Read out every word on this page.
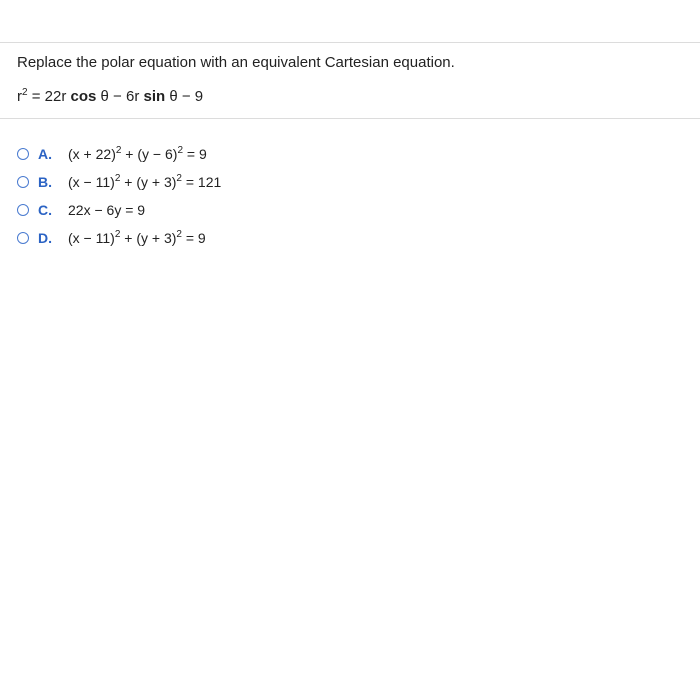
Replace the polar equation with an equivalent Cartesian equation.
$r^2 = 22r$ cos θ − 6r sin θ − 9
A.	$(x + 22)^2 + (y - 6)^2 = 9$
B.	$(x - 11)^2 + (y + 3)^2 = 121$
C.	22x − 6y = 9
D.	$(x - 11)^2 + (y + 3)^2 = 9$
